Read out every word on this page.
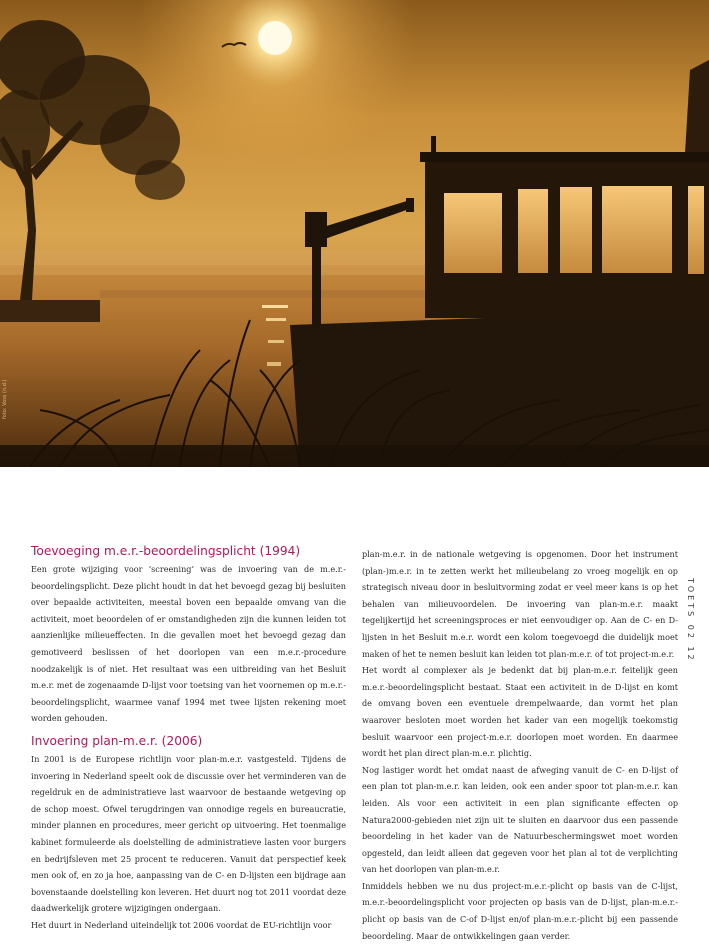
foto: Voss (n.d.)
TOETS 02 12
Toevoeging m.e.r.-beoordelingsplicht (1994)

Een grote wijziging voor ‘screening’ was de invoering van de m.e.r.-beoordelingsplicht. Deze plicht houdt in dat het bevoegd gezag bij besluiten over bepaalde activiteiten, meestal boven een bepaalde omvang van die activiteit, moet beoordelen of er omstandigheden zijn die kunnen leiden tot aanzienlijke milieueffecten. In die gevallen moet het bevoegd gezag dan gemotiveerd beslissen of het doorlopen van een m.e.r.-procedure noodzakelijk is of niet. Het resultaat was een uitbreiding van het Besluit m.e.r. met de zogenaamde D-lijst voor toetsing van het voornemen op m.e.r.-beoordelingsplicht, waarmee vanaf 1994 met twee lijsten rekening moet worden gehouden.

Invoering plan-m.e.r. (2006)

In 2001 is de Europese richtlijn voor plan-m.e.r. vastgesteld. Tijdens de invoering in Nederland speelt ook de discussie over het verminderen van de regeldruk en de administratieve last waarvoor de bestaande wetgeving op de schop moest. Ofwel terugdringen van onnodige regels en bureaucratie, minder plannen en procedures, meer gericht op uitvoering. Het toenmalige kabinet formuleerde als doelstelling de administratieve lasten voor burgers en bedrijfsleven met 25 procent te reduceren. Vanuit dat perspectief keek men ook of, en zo ja hoe, aanpassing van de C- en D-lijsten een bijdrage aan bovenstaande doelstelling kon leveren. Het duurt nog tot 2011 voordat deze daadwerkelijk grotere wijzigingen ondergaan.

Het duurt in Nederland uiteindelijk tot 2006 voordat de EU-richtlijn voor

plan-m.e.r. in de nationale wetgeving is opgenomen. Door het instrument (plan-)m.e.r. in te zetten werkt het milieubelang zo vroeg mogelijk en op strategisch niveau door in besluitvorming zodat er veel meer kans is op het behalen van milieuvoordelen. De invoering van plan-m.e.r. maakt tegelijkertijd het screeningsproces er niet eenvoudiger op. Aan de C- en D-lijsten in het Besluit m.e.r. wordt een kolom toegevoegd die duidelijk moet maken of het te nemen besluit kan leiden tot plan-m.e.r. of tot project-m.e.r.

Het wordt al complexer als je bedenkt dat bij plan-m.e.r. feitelijk geen m.e.r.-beoordelingsplicht bestaat. Staat een activiteit in de D-lijst en komt de omvang boven een eventuele drempelwaarde, dan vormt het plan waarover besloten moet worden het kader van een mogelijk toekomstig besluit waarvoor een project-m.e.r. doorlopen moet worden. En daarmee wordt het plan direct plan-m.e.r. plichtig.

Nog lastiger wordt het omdat naast de afweging vanuit de C- en D-lijst of een plan tot plan-m.e.r. kan leiden, ook een ander spoor tot plan-m.e.r. kan leiden. Als voor een activiteit in een plan significante effecten op Natura2000-gebieden niet zijn uit te sluiten en daarvoor dus een passende beoordeling in het kader van de Natuurbeschermingswet moet worden opgesteld, dan leidt alleen dat gegeven voor het plan al tot de verplichting van het doorlopen van plan-m.e.r.

Inmiddels hebben we nu dus project-m.e.r.-plicht op basis van de C-lijst, m.e.r.-beoordelingsplicht voor projecten op basis van de D-lijst, plan-m.e.r.-plicht op basis van de C-of D-lijst en/of plan-m.e.r.-plicht bij een passende beoordeling. Maar de ontwikkelingen gaan verder.
